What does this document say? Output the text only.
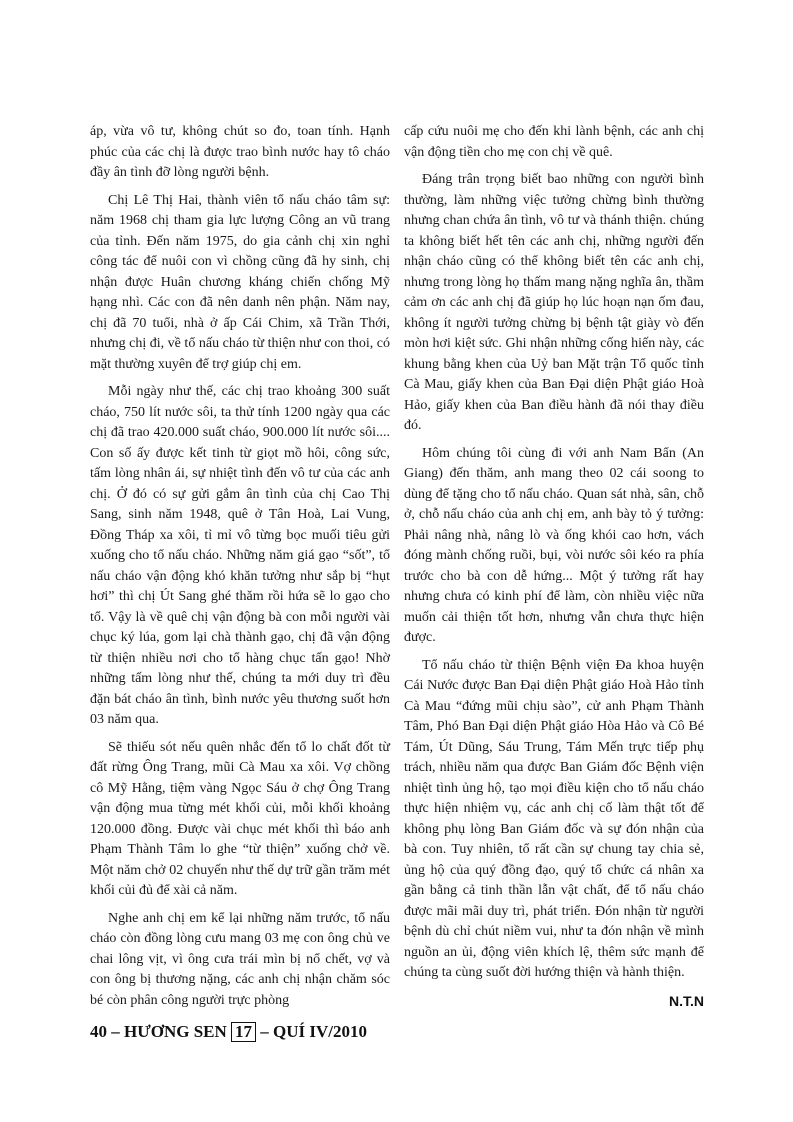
áp, vừa vô tư, không chút so đo, toan tính. Hạnh phúc của các chị là được trao bình nước hay tô cháo đầy ân tình đỡ lòng người bệnh.

Chị Lê Thị Hai, thành viên tổ nấu cháo tâm sự: năm 1968 chị tham gia lực lượng Công an vũ trang của tỉnh. Đến năm 1975, do gia cảnh chị xin nghỉ công tác để nuôi con vì chồng cũng đã hy sinh, chị nhận được Huân chương kháng chiến chống Mỹ hạng nhì. Các con đã nên danh nên phận. Năm nay, chị đã 70 tuổi, nhà ở ấp Cái Chim, xã Trần Thới, nhưng chị đi, về tổ nấu cháo từ thiện như con thoi, có mặt thường xuyên để trợ giúp chị em.

Mỗi ngày như thế, các chị trao khoảng 300 suất cháo, 750 lít nước sôi, ta thử tính 1200 ngày qua các chị đã trao 420.000 suất cháo, 900.000 lít nước sôi.... Con số ấy được kết tinh từ giọt mồ hôi, công sức, tấm lòng nhân ái, sự nhiệt tình đến vô tư của các anh chị. Ở đó có sự gửi gắm ân tình của chị Cao Thị Sang, sinh năm 1948, quê ở Tân Hoà, Lai Vung, Đồng Tháp xa xôi, tỉ mỉ vô từng bọc muối tiêu gửi xuống cho tổ nấu cháo. Những năm giá gạo “sốt”, tổ nấu cháo vận động khó khăn tưởng như sắp bị “hụt hơi” thì chị Út Sang ghé thăm rồi hứa sẽ lo gạo cho tổ. Vậy là về quê chị vận động bà con mỗi người vài chục ký lúa, gom lại chà thành gạo, chị đã vận động từ thiện nhiều nơi cho tổ hàng chục tấn gạo! Nhờ những tấm lòng như thế, chúng ta mới duy trì đều đặn bát cháo ân tình, bình nước yêu thương suốt hơn 03 năm qua.

Sẽ thiếu sót nếu quên nhắc đến tổ lo chất đốt từ đất rừng Ông Trang, mũi Cà Mau xa xôi. Vợ chồng cô Mỹ Hằng, tiệm vàng Ngọc Sáu ở chợ Ông Trang vận động mua từng mét khối củi, mỗi khối khoảng 120.000 đồng. Được vài chục mét khối thì báo anh Phạm Thành Tâm lo ghe “từ thiện” xuống chở về. Một năm chở 02 chuyến như thế dự trữ gần trăm mét khối củi đủ để xài cả năm.

Nghe anh chị em kể lại những năm trước, tổ nấu cháo còn đồng lòng cưu mang 03 mẹ con ông chủ ve chai lông vịt, vì ông cưa trái mìn bị nổ chết, vợ và con ông bị thương nặng, các anh chị nhận chăm sóc bé còn phân công người trực phòng

cấp cứu nuôi mẹ cho đến khi lành bệnh, các anh chị vận động tiền cho mẹ con chị về quê.

Đáng trân trọng biết bao những con người bình thường, làm những việc tưởng chừng bình thường nhưng chan chứa ân tình, vô tư và thánh thiện. chúng ta không biết hết tên các anh chị, những người đến nhận cháo cũng có thể không biết tên các anh chị, nhưng trong lòng họ thấm mang nặng nghĩa ân, thầm cảm ơn các anh chị đã giúp họ lúc hoạn nạn ốm đau, không ít người tưởng chừng bị bệnh tật giày vò đến mòn hơi kiệt sức. Ghi nhận những cống hiến này, các khung bằng khen của Uỷ ban Mặt trận Tổ quốc tỉnh Cà Mau, giấy khen của Ban Đại diện Phật giáo Hoà Hảo, giấy khen của Ban điều hành đã nói thay điều đó.

Hôm chúng tôi cùng đi với anh Nam Bẩn (An Giang) đến thăm, anh mang theo 02 cái soong to dùng để tặng cho tổ nấu cháo. Quan sát nhà, sân, chỗ ở, chỗ nấu cháo của anh chị em, anh bày tỏ ý tưởng: Phải nâng nhà, nâng lò và ống khói cao hơn, vách đóng mành chống ruồi, bụi, vòi nước sôi kéo ra phía trước cho bà con dễ hứng... Một ý tưởng rất hay nhưng chưa có kinh phí để làm, còn nhiều việc nữa muốn cải thiện tốt hơn, nhưng vẫn chưa thực hiện được.

Tổ nấu cháo từ thiện Bệnh viện Đa khoa huyện Cái Nước được Ban Đại diện Phật giáo Hoà Hảo tỉnh Cà Mau “đứng mũi chịu sào”, cử anh Phạm Thành Tâm, Phó Ban Đại diện Phật giáo Hòa Hảo và Cô Bé Tám, Út Dũng, Sáu Trung, Tám Mến trực tiếp phụ trách, nhiều năm qua được Ban Giám đốc Bệnh viện nhiệt tình ủng hộ, tạo mọi điều kiện cho tổ nấu cháo thực hiện nhiệm vụ, các anh chị cố làm thật tốt để không phụ lòng Ban Giám đốc và sự đón nhận của bà con. Tuy nhiên, tổ rất cần sự chung tay chia sẻ, ủng hộ của quý đồng đạo, quý tổ chức cá nhân xa gần bằng cả tinh thần lẫn vật chất, để tổ nấu cháo được mãi mãi duy trì, phát triển. Đón nhận từ người bệnh dù chỉ chút niềm vui, như ta đón nhận về mình nguồn an ủi, động viên khích lệ, thêm sức mạnh để chúng ta cùng suốt đời hướng thiện và hành thiện.

N.T.N
40 – HƯƠNG SEN 17 – QUÍ IV/2010
